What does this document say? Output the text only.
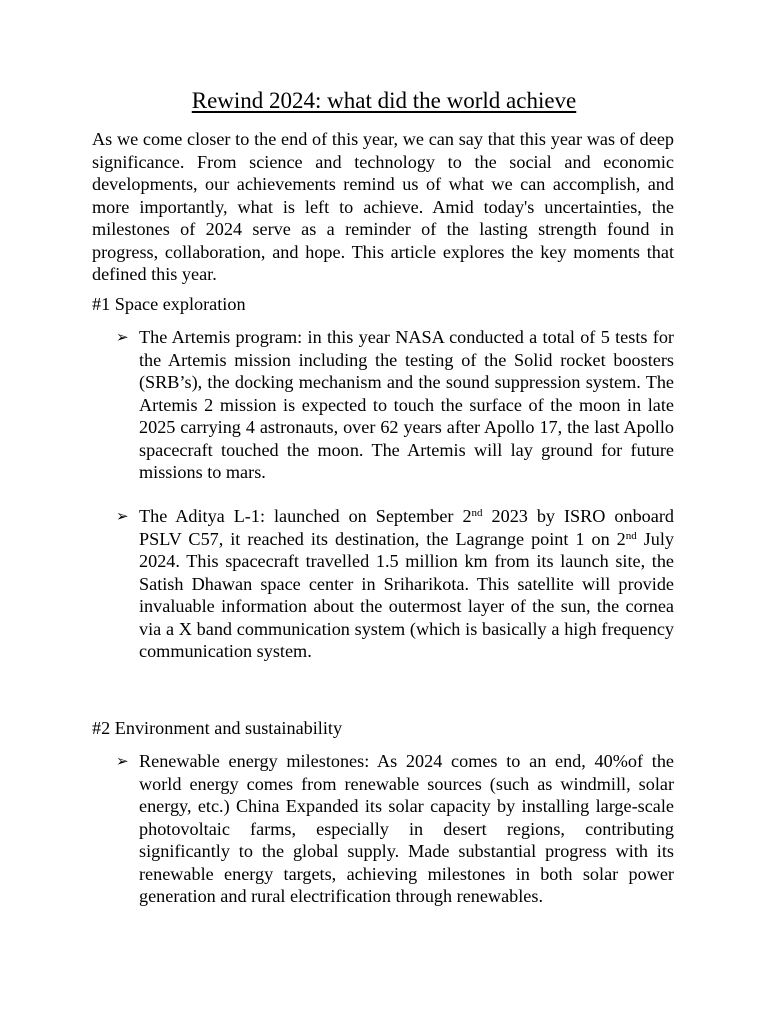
Rewind 2024: what did the world achieve

As we come closer to the end of this year, we can say that this year was of deep significance. From science and technology to the social and economic developments, our achievements remind us of what we can accomplish, and more importantly, what is left to achieve. Amid today's uncertainties, the milestones of 2024 serve as a reminder of the lasting strength found in progress, collaboration, and hope. This article explores the key moments that defined this year.

#1 Space exploration
➢ The Artemis program: in this year NASA conducted a total of 5 tests for the Artemis mission including the testing of the Solid rocket boosters (SRB’s), the docking mechanism and the sound suppression system. The Artemis 2 mission is expected to touch the surface of the moon in late 2025 carrying 4 astronauts, over 62 years after Apollo 17, the last Apollo spacecraft touched the moon. The Artemis will lay ground for future missions to mars.

➢ The Aditya L-1: launched on September 2nd 2023 by ISRO onboard PSLV C57, it reached its destination, the Lagrange point 1 on 2nd July 2024. This spacecraft travelled 1.5 million km from its launch site, the Satish Dhawan space center in Sriharikota. This satellite will provide invaluable information about the outermost layer of the sun, the cornea via a X band communication system (which is basically a high frequency communication system.

#2 Environment and sustainability
➢ Renewable energy milestones: As 2024 comes to an end, 40%of the world energy comes from renewable sources (such as windmill, solar energy, etc.) China Expanded its solar capacity by installing large-scale photovoltaic farms, especially in desert regions, contributing significantly to the global supply. Made substantial progress with its renewable energy targets, achieving milestones in both solar power generation and rural electrification through renewables.
